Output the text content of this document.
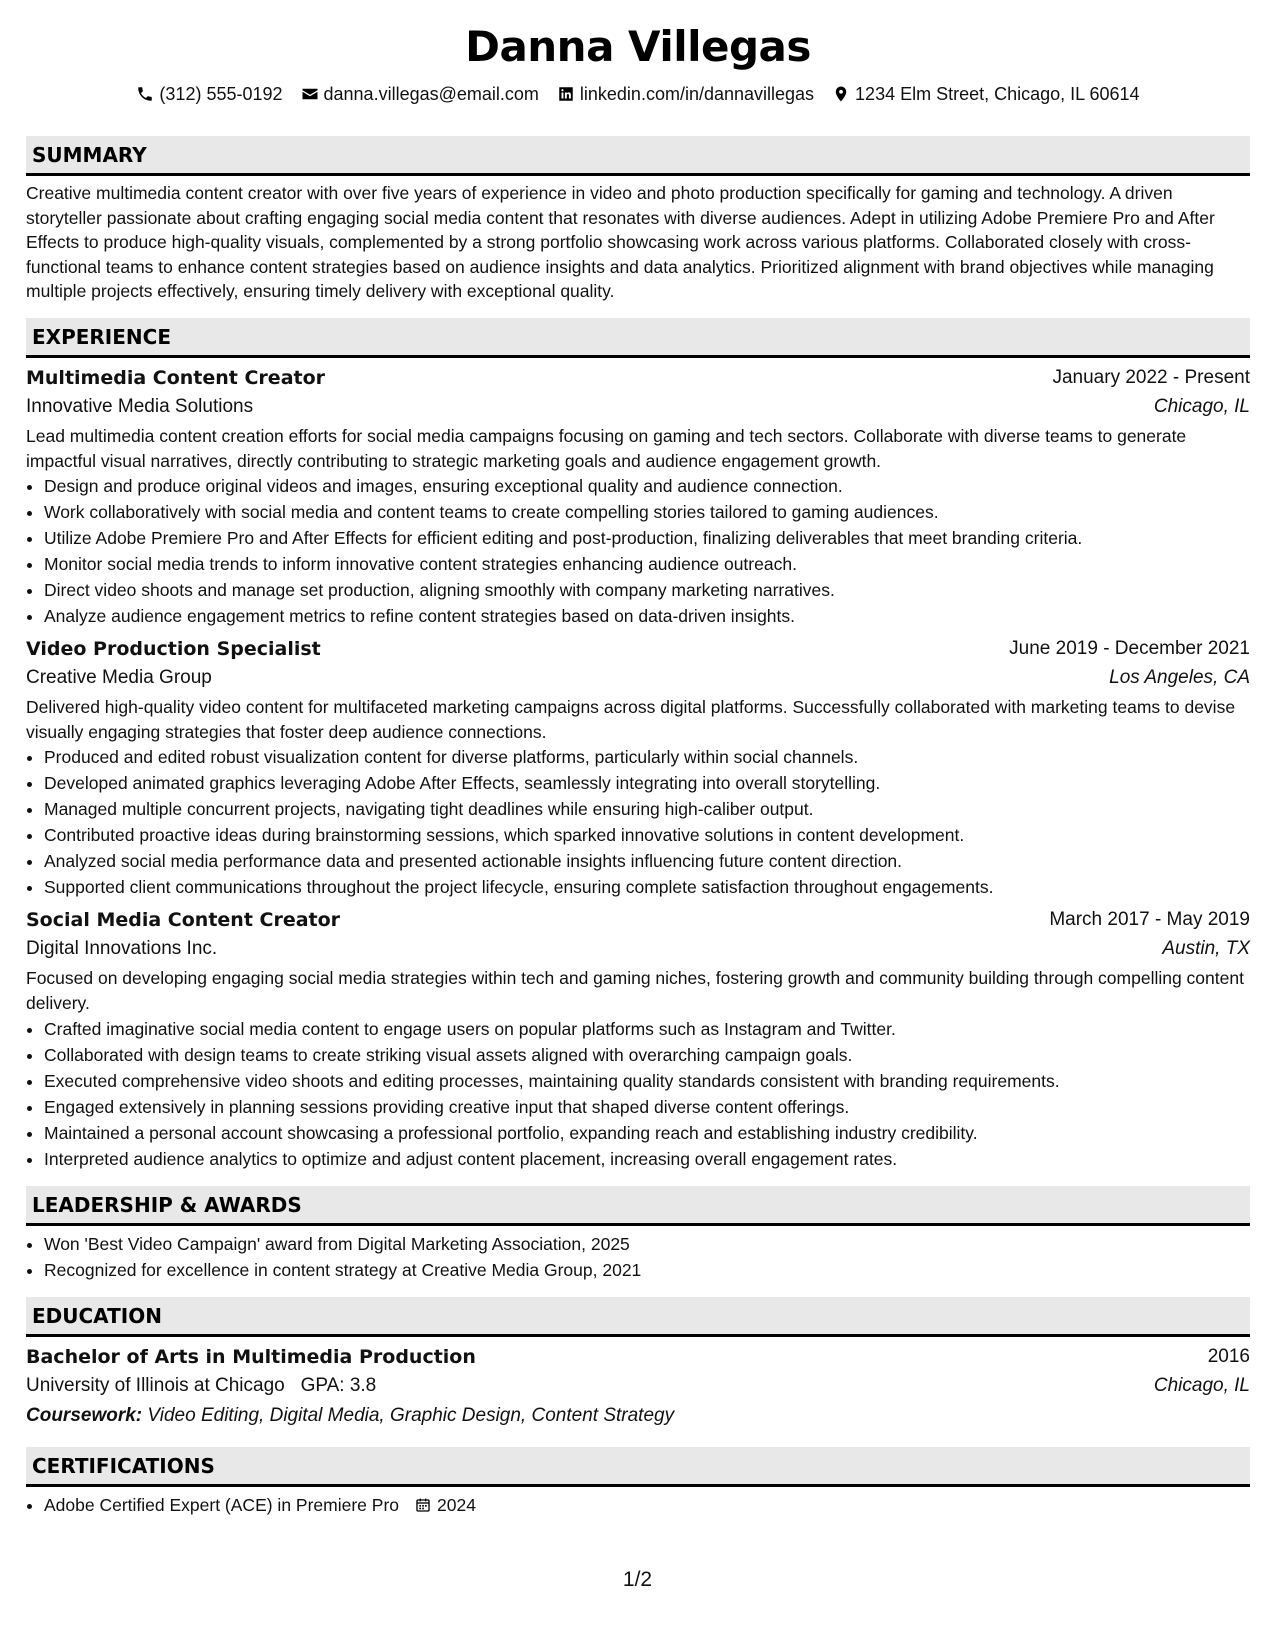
Danna Villegas
(312) 555-0192 danna.villegas@email.com linkedin.com/in/dannavillegas 1234 Elm Street, Chicago, IL 60614
SUMMARY

Creative multimedia content creator with over five years of experience in video and photo production specifically for gaming and technology. A driven storyteller passionate about crafting engaging social media content that resonates with diverse audiences. Adept in utilizing Adobe Premiere Pro and After Effects to produce high-quality visuals, complemented by a strong portfolio showcasing work across various platforms. Collaborated closely with cross-functional teams to enhance content strategies based on audience insights and data analytics. Prioritized alignment with brand objectives while managing multiple projects effectively, ensuring timely delivery with exceptional quality.

EXPERIENCE
Multimedia Content Creator	January 2022 - Present
Innovative Media Solutions	Chicago, IL

Lead multimedia content creation efforts for social media campaigns focusing on gaming and tech sectors. Collaborate with diverse teams to generate impactful visual narratives, directly contributing to strategic marketing goals and audience engagement growth.

• Design and produce original videos and images, ensuring exceptional quality and audience connection.
• Work collaboratively with social media and content teams to create compelling stories tailored to gaming audiences.
• Utilize Adobe Premiere Pro and After Effects for efficient editing and post-production, finalizing deliverables that meet branding criteria.
• Monitor social media trends to inform innovative content strategies enhancing audience outreach.
• Direct video shoots and manage set production, aligning smoothly with company marketing narratives.
• Analyze audience engagement metrics to refine content strategies based on data-driven insights.
Video Production Specialist	June 2019 - December 2021
Creative Media Group	Los Angeles, CA

Delivered high-quality video content for multifaceted marketing campaigns across digital platforms. Successfully collaborated with marketing teams to devise visually engaging strategies that foster deep audience connections.

• Produced and edited robust visualization content for diverse platforms, particularly within social channels.
• Developed animated graphics leveraging Adobe After Effects, seamlessly integrating into overall storytelling.
• Managed multiple concurrent projects, navigating tight deadlines while ensuring high-caliber output.
• Contributed proactive ideas during brainstorming sessions, which sparked innovative solutions in content development.
• Analyzed social media performance data and presented actionable insights influencing future content direction.
• Supported client communications throughout the project lifecycle, ensuring complete satisfaction throughout engagements.
Social Media Content Creator	March 2017 - May 2019
Digital Innovations Inc.	Austin, TX

Focused on developing engaging social media strategies within tech and gaming niches, fostering growth and community building through compelling content delivery.

• Crafted imaginative social media content to engage users on popular platforms such as Instagram and Twitter.
• Collaborated with design teams to create striking visual assets aligned with overarching campaign goals.
• Executed comprehensive video shoots and editing processes, maintaining quality standards consistent with branding requirements.
• Engaged extensively in planning sessions providing creative input that shaped diverse content offerings.
• Maintained a personal account showcasing a professional portfolio, expanding reach and establishing industry credibility.
• Interpreted audience analytics to optimize and adjust content placement, increasing overall engagement rates.
LEADERSHIP & AWARDS
• Won 'Best Video Campaign' award from Digital Marketing Association, 2025
• Recognized for excellence in content strategy at Creative Media Group, 2021
EDUCATION
Bachelor of Arts in Multimedia Production	2016
University of Illinois at Chicago GPA: 3.8	Chicago, IL
Coursework: Video Editing, Digital Media, Graphic Design, Content Strategy
CERTIFICATIONS
• Adobe Certified Expert (ACE) in Premiere Pro 2024
1/2
